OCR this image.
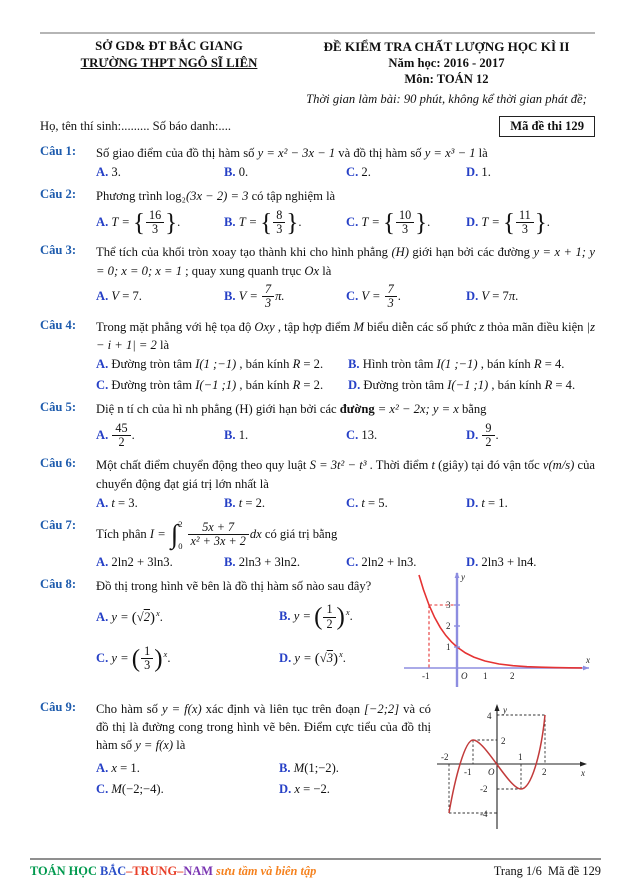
SỞ GD& ĐT BẮC GIANG
TRƯỜNG THPT NGÔ SĨ LIÊN
ĐỀ KIỂM TRA CHẤT LƯỢNG HỌC KÌ II
Năm học: 2016 - 2017
Môn: TOÁN 12
Thời gian làm bài: 90 phút, không kể thời gian phát đề;
Họ, tên thí sinh:......... Số báo danh:....	Mã đề thi 129
Câu 1:	Số giao điểm của đồ thị hàm số y = x² − 3x − 1 và đồ thị hàm số y = x³ − 1 là
A. 3.	B. 0.	C. 2.	D. 1.
Câu 2:	Phương trình log₂(3x − 2) = 3 có tập nghiệm là
A. T = { $\frac{16}{3}$ }.	B. T = { $\frac{8}{3}$ }.	C. T = { $\frac{10}{3}$ }.	D. T = { $\frac{11}{3}$ }.
Câu 3:	Thể tích của khối tròn xoay tạo thành khi cho hình phẳng (H) giới hạn bởi các đường y = x + 1; y = 0; x = 0; x = 1 ; quay xung quanh trục Ox là
A. V = 7.	B. $V = \frac{7}{3} \pi$.	C. $V = \frac{7}{3}$ .	D. V = 7π.
Câu 4:	Trong mặt phẳng với hệ tọa độ Oxy , tập hợp điểm M biểu diễn các số phức z thỏa mãn điều kiện |z − i + 1| = 2 là
A. Đường tròn tâm I(1 ;−1) , bán kính R = 2.	B. Hình tròn tâm I(1 ;−1) , bán kính R = 4.
C. Đường tròn tâm I(−1 ;1) , bán kính R = 2.	D. Đường tròn tâm I(−1 ;1) , bán kính R = 4.
Câu 5:	Diệ n tí ch của hì nh phẳng (H) giới hạn bởi các đường = x² − 2x; y = x bằng
A. $\frac{45}{2}$ .	B. 1.	C. 13.	D. $\frac{9}{2}$ .
Câu 6:	Một chất điểm chuyển động theo quy luật S = 3t² − t³ . Thời điểm t (giây) tại đó vận tốc v(m/s) của chuyển động đạt giá trị lớn nhất là
A. t = 3.	B. t = 2.	C. t = 5.	D. t = 1.
Câu 7:
Tích phân I = ∫ 2
$0 \frac{5x + 7}{\text{x² + 3x + 2}}$ dx có giá trị bằng
A. 2ln2 + 3ln3.	B. 2ln3 + 3ln2.	C. 2ln2 + ln3.	D. 2ln3 + ln4.
Câu 8:	Đồ thị trong hình vẽ bên là đồ thị hàm số nào sau đây?
A. $y = (√2)^x$.	B. y = ( $\frac{1}{2} )^x$.
C. y = ( $\frac{1}{3} )^x$.	D. $y = (√3)^x$.
-1	O 1	2
1
2
3
y
x
Câu 9:	Cho hàm số y = f(x) xác định và liên tục trên đoạn [−2;2] và có đồ thị là đường cong trong hình vẽ bên. Điểm cực tiểu của đồ thị hàm số y = f(x) là
A. x = 1.	B. M(1;−2).
C. M(−2;−4).	D. x = −2.
-2
-1 O
1
2
4
2
-2
-4
y
x
TOÁN HỌC BẮC–TRUNG–NAM sưu tầm và biên tập	Trang 1/6 Mã đề 129
